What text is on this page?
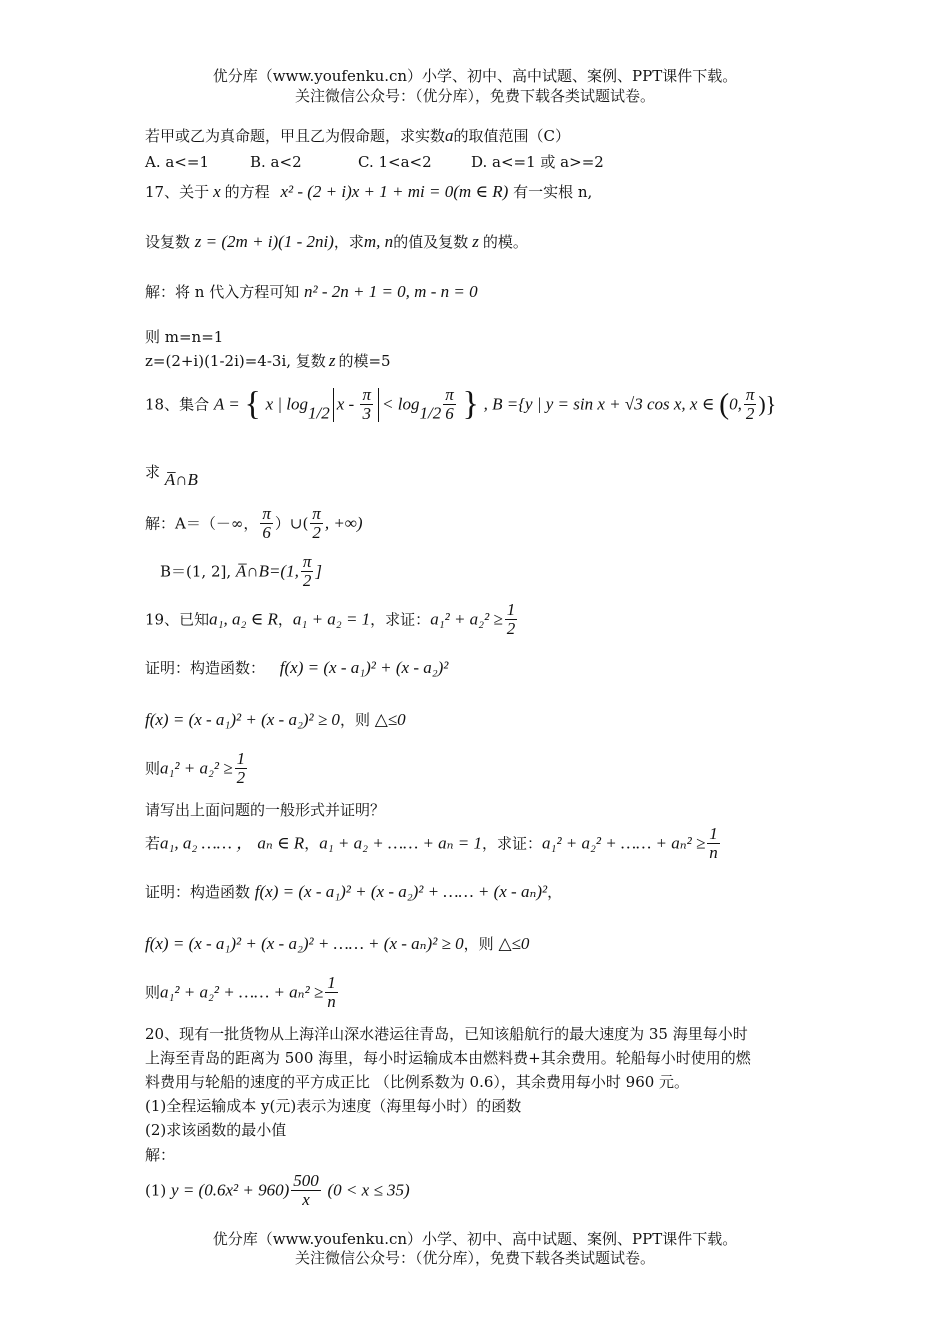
优分库（www.youfenku.cn）小学、初中、高中试题、案例、PPT课件下载。
关注微信公众号：（优分库），免费下载各类试题试卷。
若甲或乙为真命题，甲且乙为假命题，求实数a的取值范围（C）
A. a<=1	B. a<2	C. 1<a<2	D. a<=1 或 a>=2
17、关于 x 的方程 x² - (2 + i)x + 1 + mi = 0(m ∈ R) 有一实根 n,
设复数 z = (2m + i)(1 - 2ni)，求m, n的值及复数 z 的模。
解：将 n 代入方程可知 n² - 2n + 1 = 0, m - n = 0
则 m=n=1
z=(2+i)(1-2i)=4-3i, 复数 z 的模=5
18、集合 A = { x | $\log_{1/2} x - \frac{\pi}{3} < \log_{1/2} \frac{\pi}{6}$ } , B ={y | y = sin x + √3 cos x, x ∈ (0, $\frac{\pi}{2}$ )}
求 A̅∩B
解：A＝（－∞， $\frac{\pi}{6}$ ）∪( $\frac{\pi}{2}$ , +∞)
B＝(1, 2], A̅∩B=(1, $\frac{\pi}{2}$ ]
19、已知a₁, a₂ ∈ R，a₁ + a₂ = 1，求证：$a_1^2 + a_2^2 \ge \frac{1}{2}$
证明：构造函数： f(x) = (x - a₁)² + (x - a₂)²
f(x) = (x - a₁)² + (x - a₂)² ≥ 0，则 △≤0
则$a_1^2 + a_2^2 \ge \frac{1}{2}$
请写出上面问题的一般形式并证明？
若a₁, a₂ …… ， aₙ ∈ R，a₁ + a₂ + …… + aₙ = 1，求证：a₁² + a₂² + …… + $a_n^2 \ge \frac{1}{n}$
证明：构造函数 f(x) = (x - a₁)² + (x - a₂)² + …… + (x - aₙ)²，
f(x) = (x - a₁)² + (x - a₂)² + …… + (x - aₙ)² ≥ 0，则 △≤0
则a₁² + a₂² + …… + $a_n^2 \ge \frac{1}{n}$
20、现有一批货物从上海洋山深水港运往青岛，已知该船航行的最大速度为 35 海里每小时
上海至青岛的距离为 500 海里，每小时运输成本由燃料费+其余费用。轮船每小时使用的燃
料费用与轮船的速度的平方成正比 （比例系数为 0.6），其余费用每小时 960 元。
(1)全程运输成本 y(元)表示为速度（海里每小时）的函数
(2)求该函数的最小值
解：
(1) $y = (0.6x^2 + 960) \frac{500}{x} (0 < x \le 35)$
优分库（www.youfenku.cn）小学、初中、高中试题、案例、PPT课件下载。
关注微信公众号：（优分库），免费下载各类试题试卷。
